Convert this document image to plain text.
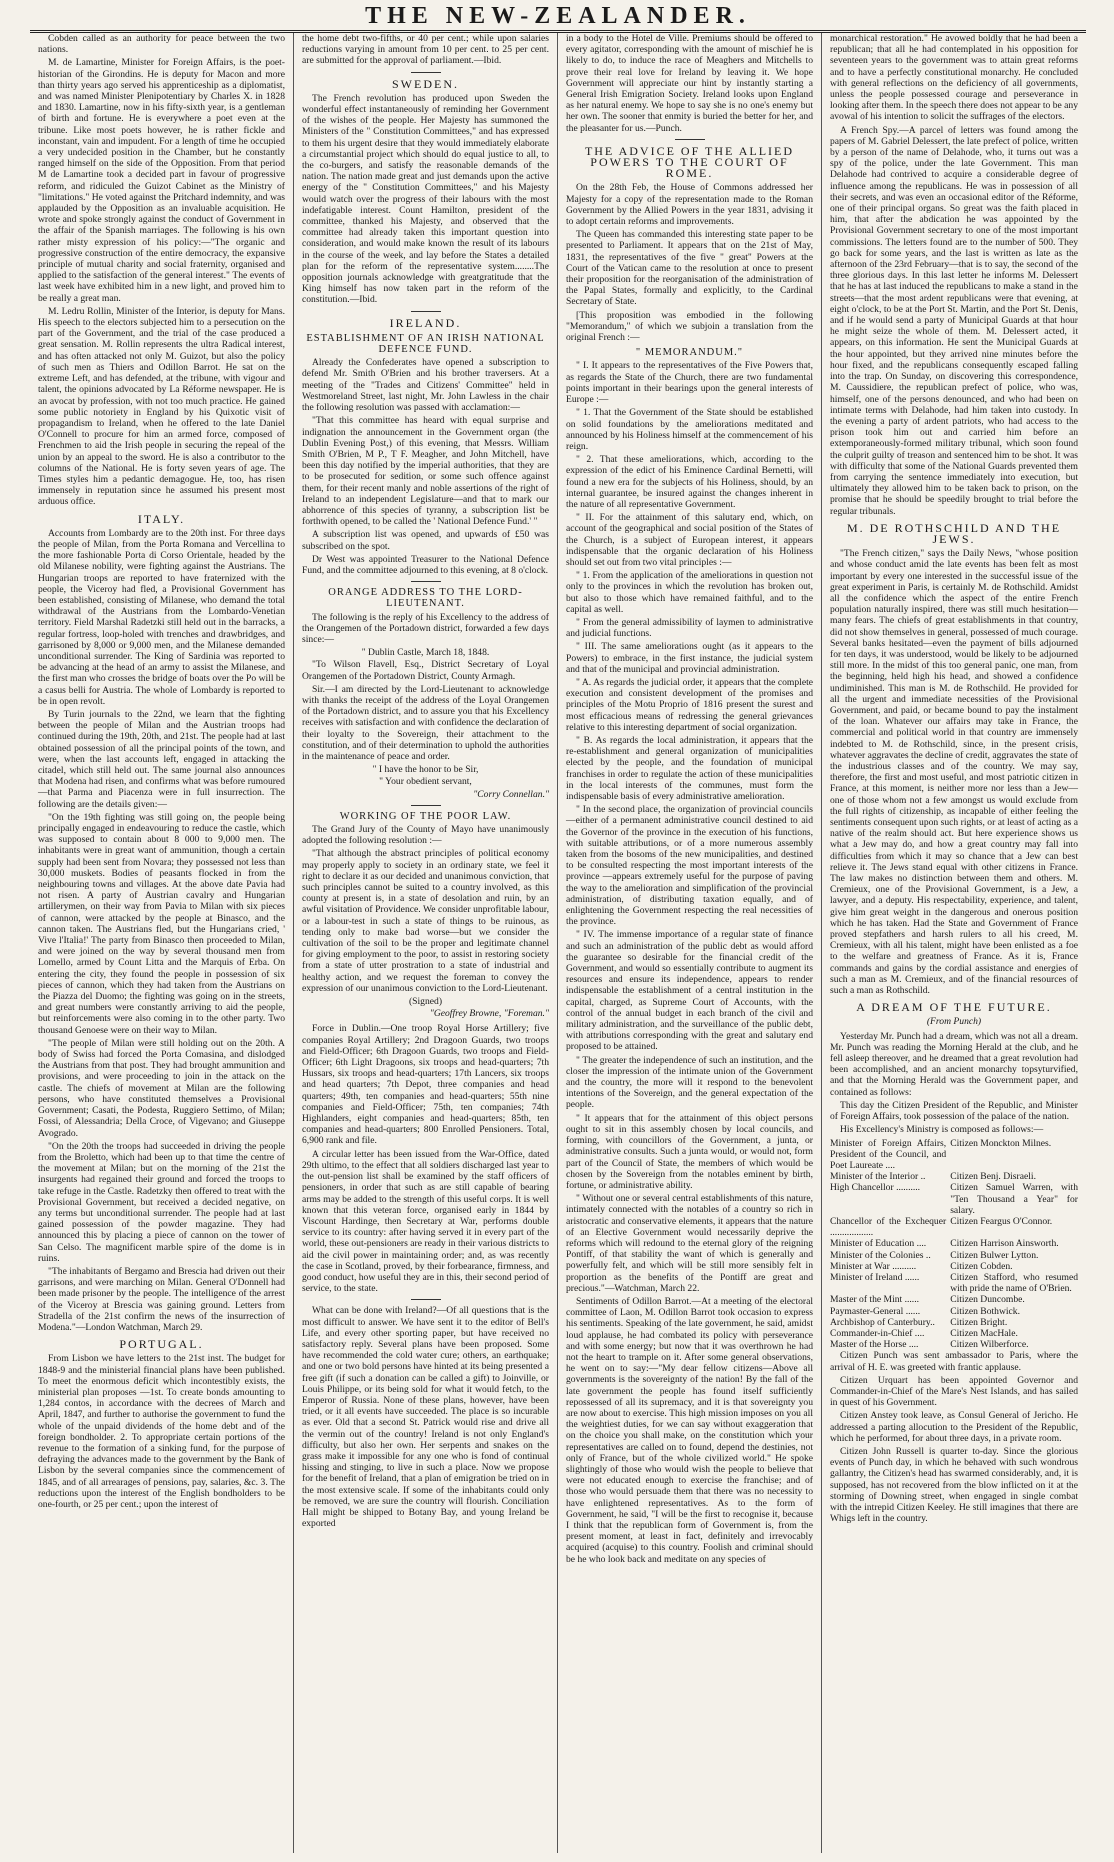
THE NEW-ZEALANDER.

Cobden called as an authority for peace between the two nations.

M. de Lamartine, Minister for Foreign Affairs, is the poet-historian of the Girondins. He is deputy for Macon and more than thirty years ago served his apprenticeship as a diplomatist, and was named Minister Plenipotentiary by Charles X. in 1828 and 1830. Lamartine, now in his fifty-sixth year, is a gentleman of birth and fortune. He is everywhere a poet even at the tribune. Like most poets however, he is rather fickle and inconstant, vain and impudent. For a length of time he occupied a very undecided position in the Chamber, but he constantly ranged himself on the side of the Opposition. From that period M de Lamartine took a decided part in favour of progressive reform, and ridiculed the Guizot Cabinet as the Ministry of "limitations." He voted against the Pritchard indemnity, and was applauded by the Opposition as an invaluable acquisition. He wrote and spoke strongly against the conduct of Government in the affair of the Spanish marriages. The following is his own rather misty expression of his policy:—"The organic and progressive construction of the entire democracy, the expansive principle of mutual charity and social fraternity, organised and applied to the satisfaction of the general interest." The events of last week have exhibited him in a new light, and proved him to be really a great man.

M. Ledru Rollin, Minister of the Interior, is deputy for Mans. His speech to the electors subjected him to a persecution on the part of the Government, and the trial of the case produced a great sensation. M. Rollin represents the ultra Radical interest, and has often attacked not only M. Guizot, but also the policy of such men as Thiers and Odillon Barrot. He sat on the extreme Left, and has defended, at the tribune, with vigour and talent, the opinions advocated by La Réforme newspaper. He is an avocat by profession, with not too much practice. He gained some public notoriety in England by his Quixotic visit of propagandism to Ireland, when he offered to the late Daniel O'Connell to procure for him an armed force, composed of Frenchmen to aid the Irish people in securing the repeal of the union by an appeal to the sword. He is also a contributor to the columns of the National. He is forty seven years of age. The Times styles him a pedantic demagogue. He, too, has risen immensely in reputation since he assumed his present most arduous office.

ITALY.

Accounts from Lombardy are to the 20th inst. For three days the people of Milan, from the Porta Romana and Vercellina to the more fashionable Porta di Corso Orientale, headed by the old Milanese nobility, were fighting against the Austrians. The Hungarian troops are reported to have fraternized with the people, the Viceroy had fled, a Provisional Government has been established, consisting of Milanese, who demand the total withdrawal of the Austrians from the Lombardo-Venetian territory. Field Marshal Radetzki still held out in the barracks, a regular fortress, loop-holed with trenches and drawbridges, and garrisoned by 8,000 or 9,000 men, and the Milanese demanded unconditional surrender. The King of Sardinia was reported to be advancing at the head of an army to assist the Milanese, and the first man who crosses the bridge of boats over the Po will be a casus belli for Austria. The whole of Lombardy is reported to be in open revolt.

By Turin journals to the 22nd, we learn that the fighting between the people of Milan and the Austrian troops had continued during the 19th, 20th, and 21st. The people had at last obtained possession of all the principal points of the town, and were, when the last accounts left, engaged in attacking the citadel, which still held out. The same journal also announces that Modena had risen, and confirms what was before rumoured—that Parma and Piacenza were in full insurrection. The following are the details given:—

"On the 19th fighting was still going on, the people being principally engaged in endeavouring to reduce the castle, which was supposed to contain about 8 000 to 9,000 men. The inhabitants were in great want of ammunition, though a certain supply had been sent from Novara; they possessed not less than 30,000 muskets. Bodies of peasants flocked in from the neighbouring towns and villages. At the above date Pavia had not risen. A party of Austrian cavalry and Hungarian artillerymen, on their way from Pavia to Milan with six pieces of cannon, were attacked by the people at Binasco, and the cannon taken. The Austrians fled, but the Hungarians cried, ' Vive l'Italia!' The party from Binasco then proceeded to Milan, and were joined on the way by several thousand men from Lomello, armed by Count Litta and the Marquis of Erba. On entering the city, they found the people in possession of six pieces of cannon, which they had taken from the Austrians on the Piazza del Duomo; the fighting was going on in the streets, and great numbers were constantly arriving to aid the people, but reinforcements were also coming in to the other party. Two thousand Genoese were on their way to Milan.

"The people of Milan were still holding out on the 20th. A body of Swiss had forced the Porta Comasina, and dislodged the Austrians from that post. They had brought ammunition and provisions, and were proceeding to join in the attack on the castle. The chiefs of movement at Milan are the following persons, who have constituted themselves a Provisional Government; Casati, the Podesta, Ruggiero Settimo, of Milan; Fossi, of Alessandria; Della Croce, of Vigevano; and Giuseppe Avogrado.

"On the 20th the troops had succeeded in driving the people from the Broletto, which had been up to that time the centre of the movement at Milan; but on the morning of the 21st the insurgents had regained their ground and forced the troops to take refuge in the Castle. Radetzky then offered to treat with the Provisional Government, but received a decided negative, on any terms but unconditional surrender. The people had at last gained possession of the powder magazine. They had announced this by placing a piece of cannon on the tower of San Celso. The magnificent marble spire of the dome is in ruins.

"The inhabitants of Bergamo and Brescia had driven out their garrisons, and were marching on Milan. General O'Donnell had been made prisoner by the people. The intelligence of the arrest of the Viceroy at Brescia was gaining ground. Letters from Stradella of the 21st confirm the news of the insurrection of Modena."—London Watchman, March 29.

PORTUGAL.

From Lisbon we have letters to the 21st inst. The budget for 1848-9 and the ministerial financial plans have been published. To meet the enormous deficit which incontestibly exists, the ministerial plan proposes —1st. To create bonds amounting to 1,284 contos, in accordance with the decrees of March and April, 1847, and further to authorise the government to fund the whole of the unpaid dividends of the home debt and of the foreign bondholder. 2. To appropriate certain portions of the revenue to the formation of a sinking fund, for the purpose of defraying the advances made to the government by the Bank of Lisbon by the several companies since the commencement of 1845, and of all arrearages of pensions, pay, salaries, &c. 3. The reductions upon the interest of the English bondholders to be one-fourth, or 25 per cent.; upon the interest of

the home debt two-fifths, or 40 per cent.; while upon salaries reductions varying in amount from 10 per cent. to 25 per cent. are submitted for the approval of parliament.—Ibid.

SWEDEN.

The French revolution has produced upon Sweden the wonderful effect instantaneously of reminding her Government of the wishes of the people. Her Majesty has summoned the Ministers of the " Constitution Committees," and has expressed to them his urgent desire that they would immediately elaborate a circumstantial project which should do equal justice to all, to the co-burgers, and satisfy the reasonable demands of the nation. The nation made great and just demands upon the active energy of the " Constitution Committees," and his Majesty would watch over the progress of their labours with the most indefatigable interest. Count Hamilton, president of the committee, thanked his Majesty, and observed that the committee had already taken this important question into consideration, and would make known the result of its labours in the course of the week, and lay before the States a detailed plan for the reform of the representative system........The opposition journals acknowledge with greatgratitude that the King himself has now taken part in the reform of the constitution.—Ibid.

IRELAND.
ESTABLISHMENT OF AN IRISH NATIONAL DEFENCE FUND.

Already the Confederates have opened a subscription to defend Mr. Smith O'Brien and his brother traversers. At a meeting of the "Trades and Citizens' Committee" held in Westmoreland Street, last night, Mr. John Lawless in the chair the following resolution was passed with acclamation:—

"That this committee has heard with equal surprise and indignation the announcement in the Government organ (the Dublin Evening Post,) of this evening, that Messrs. William Smith O'Brien, M P., T F. Meagher, and John Mitchell, have been this day notified by the imperial authorities, that they are to be prosecuted for sedition, or some such offence against them, for their recent manly and noble assertions of the right of Ireland to an independent Legislature—and that to mark our abhorrence of this species of tyranny, a subscription list be forthwith opened, to be called the ' National Defence Fund.' "

A subscription list was opened, and upwards of £50 was subscribed on the spot.

Dr West was appointed Treasurer to the National Defence Fund, and the committee adjourned to this evening, at 8 o'clock.

ORANGE ADDRESS TO THE LORD-LIEUTENANT.

The following is the reply of his Excellency to the address of the Orangemen of the Portadown district, forwarded a few days since:—

" Dublin Castle, March 18, 1848.

"To Wilson Flavell, Esq., District Secretary of Loyal Orangemen of the Portadown District, County Armagh.

Sir.—I am directed by the Lord-Lieutenant to acknowledge with thanks the receipt of the address of the Loyal Orangemen of the Portadown district, and to assure you that his Excellency receives with satisfaction and with confidence the declaration of their loyalty to the Sovereign, their attachment to the constitution, and of their determination to uphold the authorities in the maintenance of peace and order.

" I have the honor to be Sir,
" Your obedient servant,
"Corry Connellan."
WORKING OF THE POOR LAW.

The Grand Jury of the County of Mayo have unanimously adopted the following resolution :—

"That although the abstract principles of political economy may properly apply to society in an ordinary state, we feel it right to declare it as our decided and unanimous conviction, that such principles cannot be suited to a country involved, as this county at present is, in a state of desolation and ruin, by an awful visitation of Providence. We consider unprofitable labour, or a labour-test in such a state of things to be ruinous, as tending only to make bad worse—but we consider the cultivation of the soil to be the proper and legitimate channel for giving employment to the poor, to assist in restoring society from a state of utter prostration to a state of industrial and healthy action, and we request the foreman to convey the expression of our unanimous conviction to the Lord-Lieutenant.

(Signed)
"Geoffrey Browne, "Foreman."

Force in Dublin.—One troop Royal Horse Artillery; five companies Royal Artillery; 2nd Dragoon Guards, two troops and Field-Officer; 6th Dragoon Guards, two troops and Field-Officer; 6th Light Dragoons, six troops and head-quarters; 7th Hussars, six troops and head-quarters; 17th Lancers, six troops and head quarters; 7th Depot, three companies and head quarters; 49th, ten companies and head-quarters; 55th nine companies and Field-Officer; 75th, ten companies; 74th Highlanders, eight companies and head-quarters; 85th, ten companies and head-quarters; 800 Enrolled Pensioners. Total, 6,900 rank and file.

A circular letter has been issued from the War-Office, dated 29th ultimo, to the effect that all soldiers discharged last year to the out-pension list shall be examined by the staff officers of pensioners, in order that such as are still capable of bearing arms may be added to the strength of this useful corps. It is well known that this veteran force, organised early in 1844 by Viscount Hardinge, then Secretary at War, performs double service to its country: after having served it in every part of the world, these out-pensioners are ready in their various districts to aid the civil power in maintaining order; and, as was recently the case in Scotland, proved, by their forbearance, firmness, and good conduct, how useful they are in this, their second period of service, to the state.

What can be done with Ireland?—Of all questions that is the most difficult to answer. We have sent it to the editor of Bell's Life, and every other sporting paper, but have received no satisfactory reply. Several plans have been proposed. Some have recommended the cold water cure; others, an earthquake; and one or two bold persons have hinted at its being presented a free gift (if such a donation can be called a gift) to Joinville, or Louis Philippe, or its being sold for what it would fetch, to the Emperor of Russia. None of these plans, however, have been tried, or it all events have succeeded. The place is so incurable as ever. Old that a second St. Patrick would rise and drive all the vermin out of the country! Ireland is not only England's difficulty, but also her own. Her serpents and snakes on the grass make it impossible for any one who is fond of continual hissing and stinging, to live in such a place. Now we propose for the benefit of Ireland, that a plan of emigration be tried on in the most extensive scale. If some of the inhabitants could only be removed, we are sure the country will flourish. Conciliation Hall might be shipped to Botany Bay, and young Ireland be exported

in a body to the Hotel de Ville. Premiums should be offered to every agitator, corresponding with the amount of mischief he is likely to do, to induce the race of Meaghers and Mitchells to prove their real love for Ireland by leaving it. We hope Government will appreciate our hint by instantly starting a General Irish Emigration Society. Ireland looks upon England as her natural enemy. We hope to say she is no one's enemy but her own. The sooner that enmity is buried the better for her, and the pleasanter for us.—Punch.

THE ADVICE OF THE ALLIED POWERS TO THE COURT OF ROME.

On the 28th Feb, the House of Commons addressed her Majesty for a copy of the representation made to the Roman Government by the Allied Powers in the year 1831, advising it to adopt certain reforms and improvements.

The Queen has commanded this interesting state paper to be presented to Parliament. It appears that on the 21st of May, 1831, the representatives of the five " great" Powers at the Court of the Vatican came to the resolution at once to present their proposition for the reorganisation of the administration of the Papal States, formally and explicitly, to the Cardinal Secretary of State.

[This proposition was embodied in the following "Memorandum," of which we subjoin a translation from the original French :—

" MEMORANDUM."

" I. It appears to the representatives of the Five Powers that, as regards the State of the Church, there are two fundamental points important in their bearings upon the general interests of Europe :—

" 1. That the Government of the State should be established on solid foundations by the ameliorations meditated and announced by his Holiness himself at the commencement of his reign.

" 2. That these ameliorations, which, according to the expression of the edict of his Eminence Cardinal Bernetti, will found a new era for the subjects of his Holiness, should, by an internal guarantee, be insured against the changes inherent in the nature of all representative Government.

" II. For the attainment of this salutary end, which, on account of the geographical and social position of the States of the Church, is a subject of European interest, it appears indispensable that the organic declaration of his Holiness should set out from two vital principles :—

" 1. From the application of the ameliorations in question not only to the provinces in which the revolution has broken out, but also to those which have remained faithful, and to the capital as well.

" From the general admissibility of laymen to administrative and judicial functions.

" III. The same ameliorations ought (as it appears to the Powers) to embrace, in the first instance, the judicial system and that of the municipal and provincial administration.

" A. As regards the judicial order, it appears that the complete execution and consistent development of the promises and principles of the Motu Proprio of 1816 present the surest and most efficacious means of redressing the general grievances relative to this interesting department of social organization.

" B. As regards the local administration, it appears that the re-establishment and general organization of municipalities elected by the people, and the foundation of municipal franchises in order to regulate the action of these municipalities in the local interests of the communes, must form the indispensable basis of every administrative amelioration.

" In the second place, the organization of provincial councils—either of a permanent administrative council destined to aid the Governor of the province in the execution of his functions, with suitable attributions, or of a more numerous assembly taken from the bosoms of the new municipalities, and destined to be consulted respecting the most important interests of the province —appears extremely useful for the purpose of paving the way to the amelioration and simplification of the provincial administration, of distributing taxation equally, and of enlightening the Government respecting the real necessities of the province.

" IV. The immense importance of a regular state of finance and such an administration of the public debt as would afford the guarantee so desirable for the financial credit of the Government, and would so essentially contribute to augment its resources and ensure its independence, appears to render indispensable the establishment of a central institution in the capital, charged, as Supreme Court of Accounts, with the control of the annual budget in each branch of the civil and military administration, and the surveillance of the public debt, with attributions corresponding with the great and salutary end proposed to be attained.

" The greater the independence of such an institution, and the closer the impression of the intimate union of the Government and the country, the more will it respond to the benevolent intentions of the Sovereign, and the general expectation of the people.

" It appears that for the attainment of this object persons ought to sit in this assembly chosen by local councils, and forming, with councillors of the Government, a junta, or administrative consults. Such a junta would, or would not, form part of the Council of State, the members of which would be chosen by the Sovereign from the notables eminent by birth, fortune, or administrative ability.

" Without one or several central establishments of this nature, intimately connected with the notables of a country so rich in aristocratic and conservative elements, it appears that the nature of an Elective Government would necessarily deprive the reforms which will redound to the eternal glory of the reigning Pontiff, of that stability the want of which is generally and powerfully felt, and which will be still more sensibly felt in proportion as the benefits of the Pontiff are great and precious."—Watchman, March 22.

Sentiments of Odillon Barrot.—At a meeting of the electoral committee of Laon, M. Odillon Barrot took occasion to express his sentiments. Speaking of the late government, he said, amidst loud applause, he had combated its policy with perseverance and with some energy; but now that it was overthrown he had not the heart to trample on it. After some general observations, he went on to say:—"My dear fellow citizens—Above all governments is the sovereignty of the nation! By the fall of the late government the people has found itself sufficiently repossessed of all its supremacy, and it is that sovereignty you are now about to exercise. This high mission imposes on you all the weightiest duties, for we can say without exaggeration that on the choice you shall make, on the constitution which your representatives are called on to found, depend the destinies, not only of France, but of the whole civilized world." He spoke slightingly of those who would wish the people to believe that were not educated enough to exercise the franchise; and of those who would persuade them that there was no necessity to have enlightened representatives. As to the form of Government, he said, "I will be the first to recognise it, because I think that the republican form of Government is, from the present moment, at least in fact, definitely and irrevocably acquired (acquise) to this country. Foolish and criminal should be he who look back and meditate on any species of

monarchical restoration." He avowed boldly that he had been a republican; that all he had contemplated in his opposition for seventeen years to the government was to attain great reforms and to have a perfectly constitutional monarchy. He concluded with general reflections on the deficiency of all governments, unless the people possessed courage and perseverance in looking after them. In the speech there does not appear to be any avowal of his intention to solicit the suffrages of the electors.

A French Spy.—A parcel of letters was found among the papers of M. Gabriel Delessert, the late prefect of police, written by a person of the name of Delahode, who, it turns out was a spy of the police, under the late Government. This man Delahode had contrived to acquire a considerable degree of influence among the republicans. He was in possession of all their secrets, and was even an occasional editor of the Réforme, one of their principal organs. So great was the faith placed in him, that after the abdication he was appointed by the Provisional Government secretary to one of the most important commissions. The letters found are to the number of 500. They go back for some years, and the last is written as late as the afternoon of the 23rd February—that is to say, the second of the three glorious days. In this last letter he informs M. Delessert that he has at last induced the republicans to make a stand in the streets—that the most ardent republicans were that evening, at eight o'clock, to be at the Port St. Martin, and the Port St. Denis, and if he would send a party of Municipal Guards at that hour he might seize the whole of them. M. Delessert acted, it appears, on this information. He sent the Municipal Guards at the hour appointed, but they arrived nine minutes before the hour fixed, and the republicans consequently escaped falling into the trap. On Sunday, on discovering this correspondence, M. Caussidiere, the republican prefect of police, who was, himself, one of the persons denounced, and who had been on intimate terms with Delahode, had him taken into custody. In the evening a party of ardent patriots, who had access to the prison took him out and carried him before an extemporaneously-formed military tribunal, which soon found the culprit guilty of treason and sentenced him to be shot. It was with difficulty that some of the National Guards prevented them from carrying the sentence immediately into execution, but ultimately they allowed him to be taken back to prison, on the promise that he should be speedily brought to trial before the regular tribunals.

M. DE ROTHSCHILD AND THE JEWS.

"The French citizen," says the Daily News, "whose position and whose conduct amid the late events has been felt as most important by every one interested in the successful issue of the great experiment in Paris, is certainly M. de Rothschild. Amidst all the confidence which the aspect of the entire French population naturally inspired, there was still much hesitation—many fears. The chiefs of great establishments in that country, did not show themselves in general, possessed of much courage. Several banks hesitated—even the payment of bills adjourned for ten days, it was understood, would be likely to be adjourned still more. In the midst of this too general panic, one man, from the beginning, held high his head, and showed a confidence undiminished. This man is M. de Rothschild. He provided for all the urgent and immediate necessities of the Provisional Government, and paid, or became bound to pay the instalment of the loan. Whatever our affairs may take in France, the commercial and political world in that country are immensely indebted to M. de Rothschild, since, in the present crisis, whatever aggravates the decline of credit, aggravates the state of the industrious classes and of the country. We may say, therefore, the first and most useful, and most patriotic citizen in France, at this moment, is neither more nor less than a Jew—one of those whom not a few amongst us would exclude from the full rights of citizenship, as incapable of either feeling the sentiments consequent upon such rights, or at least of acting as a native of the realm should act. But here experience shows us what a Jew may do, and how a great country may fall into difficulties from which it may so chance that a Jew can best relieve it. The Jews stand equal with other citizens in France. The law makes no distinction between them and others. M. Cremieux, one of the Provisional Government, is a Jew, a lawyer, and a deputy. His respectability, experience, and talent, give him great weight in the dangerous and onerous position which he has taken. Had the State and Government of France proved stepfathers and harsh rulers to all his creed, M. Cremieux, with all his talent, might have been enlisted as a foe to the welfare and greatness of France. As it is, France commands and gains by the cordial assistance and energies of such a man as M. Cremieux, and of the financial resources of such a man as Rothschild.

A DREAM OF THE FUTURE.
(From Punch)

Yesterday Mr. Punch had a dream, which was not all a dream. Mr. Punch was reading the Morning Herald at the club, and he fell asleep thereover, and he dreamed that a great revolution had been accomplished, and an ancient monarchy topsyturvified, and that the Morning Herald was the Government paper, and contained as follows:

This day the Citizen President of the Republic, and Minister of Foreign Affairs, took possession of the palace of the nation.

His Excellency's Ministry is composed as follows:—

Minister of Foreign Affairs, President of the Council, and Poet Laureate ....
Citizen Monckton Milnes.
Minister of the Interior ..	Citizen Benj. Disraeli.
High Chancellor ..........	Citizen Samuel Warren, with "Ten Thousand a Year" for salary.
Chancellor of the Exchequer ..................
Citizen Feargus O'Connor.
Minister of Education ....	Citizen Harrison Ainsworth.
Minister of the Colonies ..	Citizen Bulwer Lytton.
Minister at War ..........	Citizen Cobden.
Minister of Ireland ......	Citizen Stafford, who resumed with pride the name of O'Brien.
Master of the Mint ......	Citizen Duncombe.
Paymaster-General ......	Citizen Bothwick.
Archbishop of Canterbury..	Citizen Bright.
Commander-in-Chief ....	Citizen MacHale.
Master of the Horse ....	Citizen Wilberforce.

Citizen Punch was sent ambassador to Paris, where the arrival of H. E. was greeted with frantic applause.

Citizen Urquart has been appointed Governor and Commander-in-Chief of the Mare's Nest Islands, and has sailed in quest of his Government.

Citizen Anstey took leave, as Consul General of Jericho. He addressed a parting allocution to the President of the Republic, which he performed, for about three days, in a private room.

Citizen John Russell is quarter to-day. Since the glorious events of Punch day, in which he behaved with such wondrous gallantry, the Citizen's head has swarmed considerably, and, it is supposed, has not recovered from the blow inflicted on it at the storming of Downing street, when engaged in single combat with the intrepid Citizen Keeley. He still imagines that there are Whigs left in the country.
